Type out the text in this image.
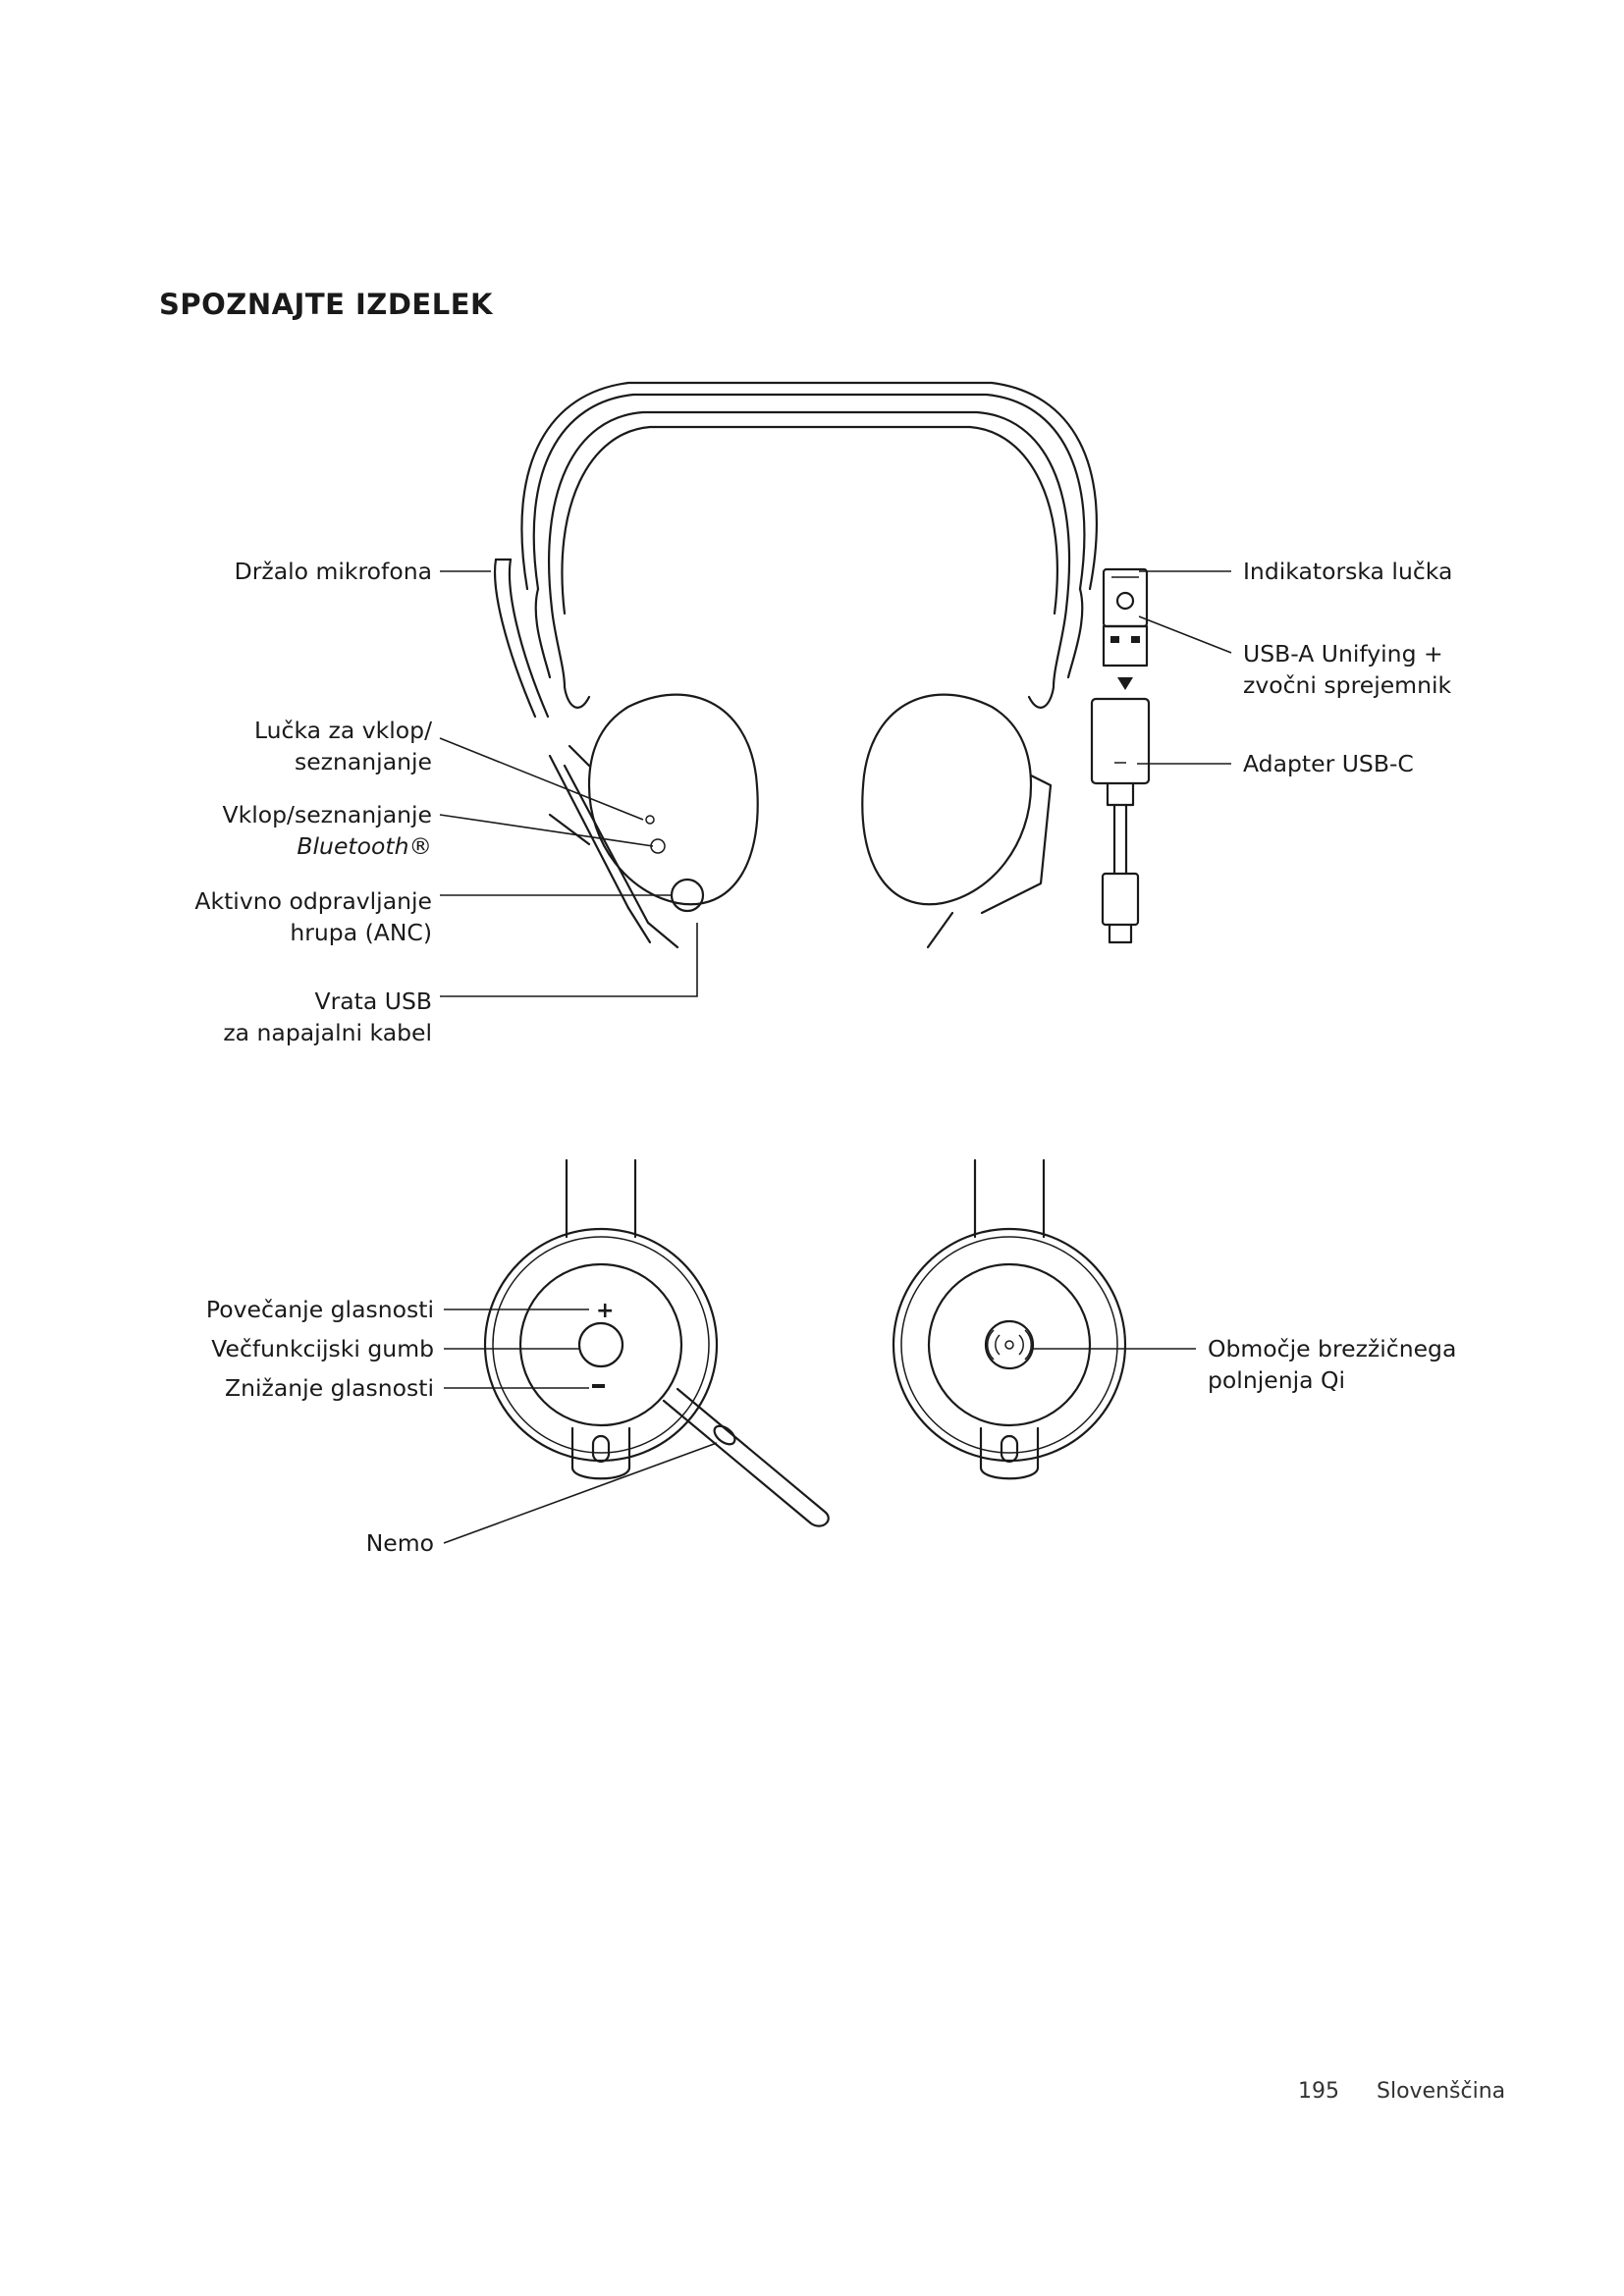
SPOZNAJTE IZDELEK
+
Držalo mikrofona
Lučka za vklop/
seznanjanje
Vklop/seznanjanje
Bluetooth®
Aktivno odpravljanje
hrupa (ANC)
Vrata USB
za napajalni kabel
Indikatorska lučka
USB-A Unifying +
zvočni sprejemnik
Adapter USB-C
Povečanje glasnosti
Večfunkcijski gumb
Znižanje glasnosti
Nemo
Območje brezžičnega
polnjenja Qi
195 Slovenščina
